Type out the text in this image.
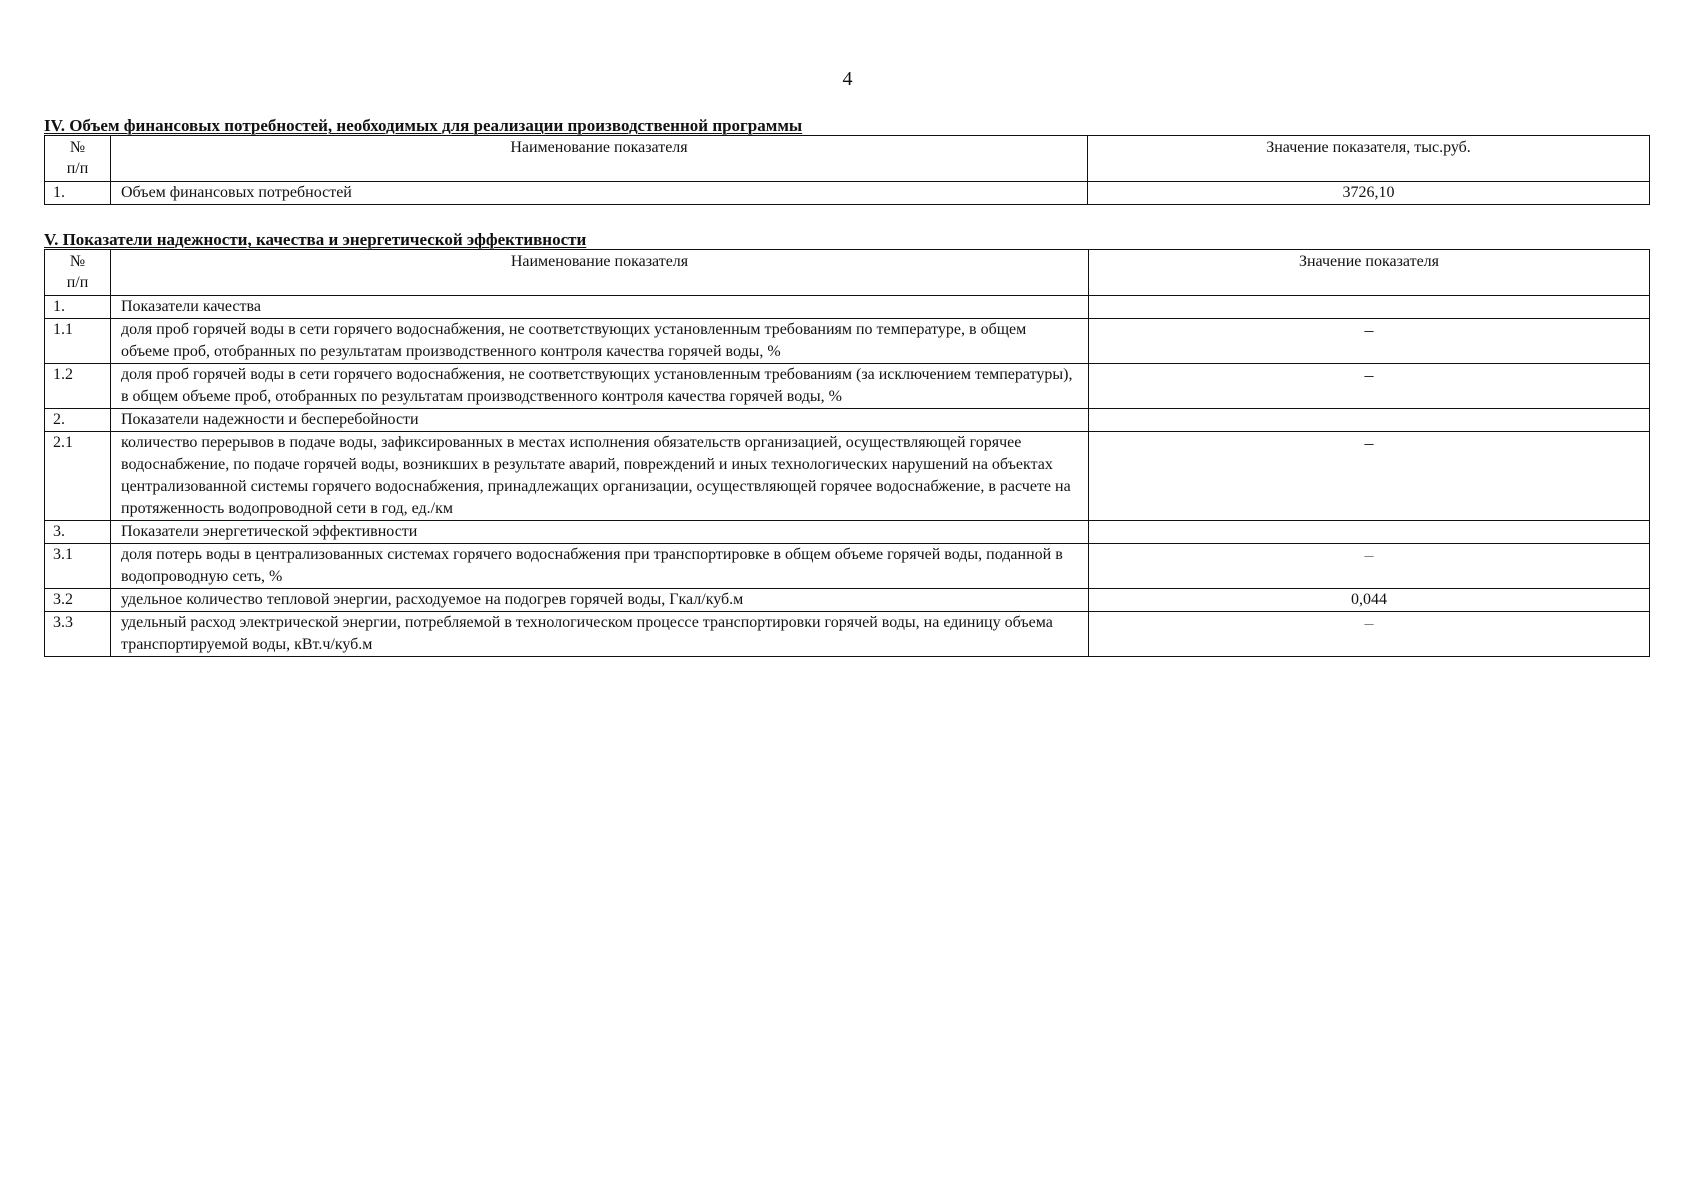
4
IV. Объем финансовых потребностей, необходимых для реализации производственной программы
№
п/п	Наименование показателя	Значение показателя, тыс.руб.
1.	Объем финансовых потребностей	3726,10
V. Показатели надежности, качества и энергетической эффективности
№
п/п	Наименование показателя	Значение показателя
1.	Показатели качества	
1.1	доля проб горячей воды в сети горячего водоснабжения, не соответствующих установленным требованиям по температуре, в общем объеме проб, отобранных по результатам производственного контроля качества горячей воды, %	–
1.2	доля проб горячей воды в сети горячего водоснабжения, не соответствующих установленным требованиям (за исключением температуры), в общем объеме проб, отобранных по результатам производственного контроля качества горячей воды, %	–
2.	Показатели надежности и бесперебойности	
2.1	количество перерывов в подаче воды, зафиксированных в местах исполнения обязательств организацией, осуществляющей горячее водоснабжение, по подаче горячей воды, возникших в результате аварий, повреждений и иных технологических нарушений на объектах централизованной системы горячего водоснабжения, принадлежащих организации, осуществляющей горячее водоснабжение, в расчете на протяженность водопроводной сети в год, ед./км	–
3.	Показатели энергетической эффективности	
3.1	доля потерь воды в централизованных системах горячего водоснабжения при транспортировке в общем объеме горячей воды, поданной в водопроводную сеть, %	–
3.2	удельное количество тепловой энергии, расходуемое на подогрев горячей воды, Гкал/куб.м	0,044
3.3	удельный расход электрической энергии, потребляемой в технологическом процессе транспортировки горячей воды, на единицу объема транспортируемой воды, кВт.ч/куб.м	–
